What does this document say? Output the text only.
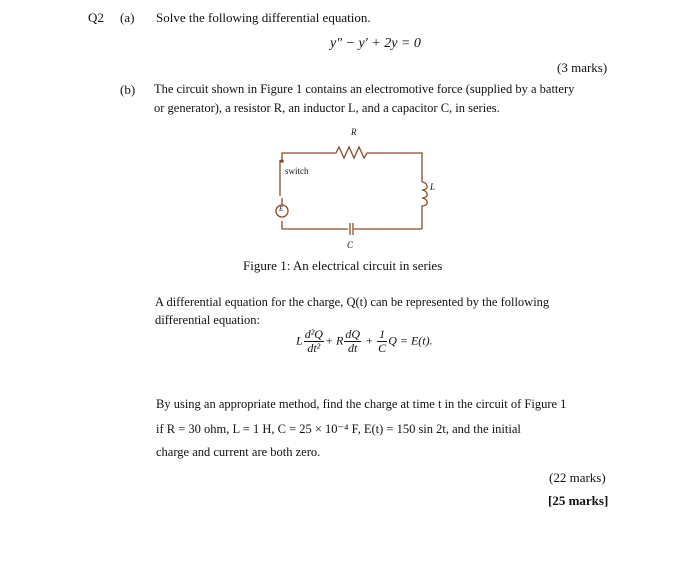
Q2 (a) Solve the following differential equation.
y″ − y′ + 2y = 0
(3 marks)
(b) The circuit shown in Figure 1 contains an electromotive force (supplied by a battery
or generator), a resistor R, an inductor L, and a capacitor C, in series.
R
switch
L
E
C
Figure 1: An electrical circuit in series
A differential equation for the charge, Q(t) can be represented by the following
differential equation:
L $\frac{\text{d²Q}}{\text{dt²}} + R \frac{dQ}{dt} + \frac{1}{C}$ Q = E(t).
By using an appropriate method, find the charge at time t in the circuit of Figure 1
if R = 30 ohm, L = 1 H, C = 25 × 10⁻⁴ F, E(t) = 150 sin 2t, and the initial
charge and current are both zero.
(22 marks)
[25 marks]
